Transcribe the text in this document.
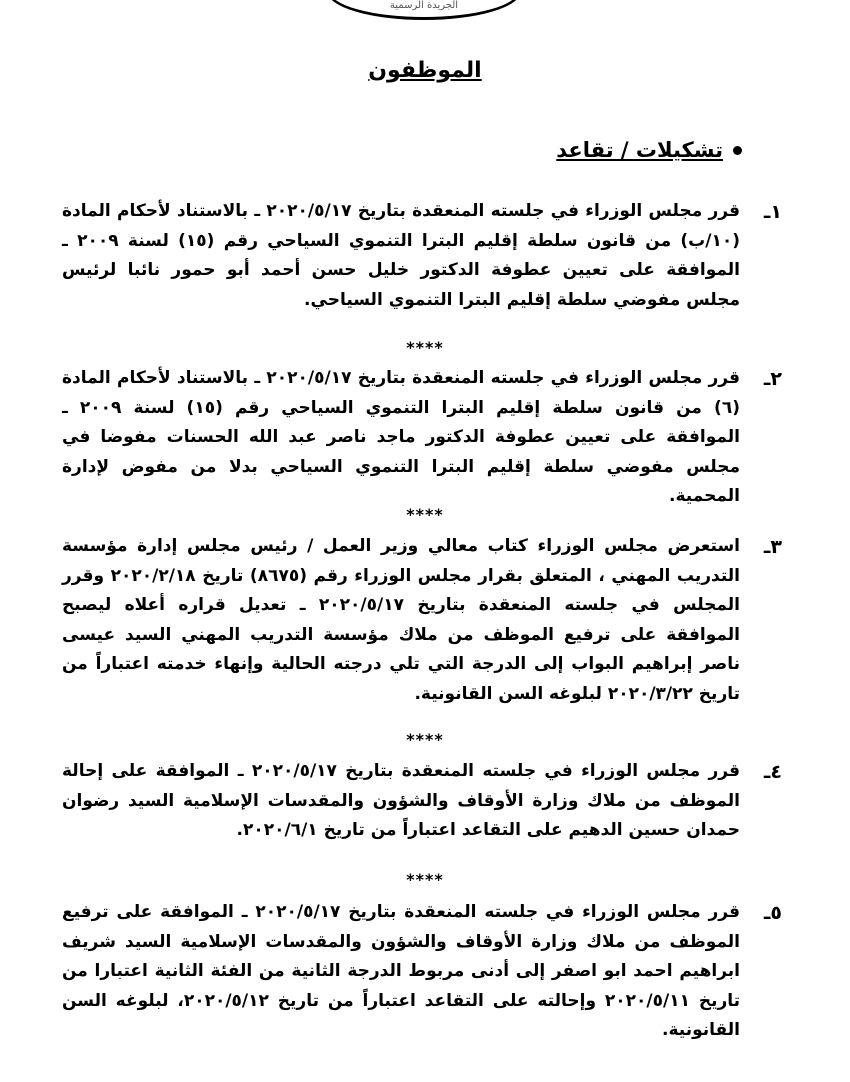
الجريدة الرسمية
الموظفون
تشكيلات / تقاعد
١ـ
قرر مجلس الوزراء في جلسته المنعقدة بتاريخ ٢٠٢٠/٥/١٧ ـ بالاستناد لأحكام المادة (١٠/ب) من قانون سلطة إقليم البترا التنموي السياحي رقم (١٥) لسنة ٢٠٠٩ ـ الموافقة على تعيين عطوفة الدكتور خليل حسن أحمد أبو حمور نائبا لرئيس مجلس مفوضي سلطة إقليم البترا التنموي السياحي.
****
٢ـ
قرر مجلس الوزراء في جلسته المنعقدة بتاريخ ٢٠٢٠/٥/١٧ ـ بالاستناد لأحكام المادة (٦) من قانون سلطة إقليم البترا التنموي السياحي رقم (١٥) لسنة ٢٠٠٩ ـ الموافقة على تعيين عطوفة الدكتور ماجد ناصر عبد الله الحسنات مفوضا في مجلس مفوضي سلطة إقليم البترا التنموي السياحي بدلا من مفوض لإدارة المحمية.
****
٣ـ
استعرض مجلس الوزراء كتاب معالي وزير العمل / رئيس مجلس إدارة مؤسسة التدريب المهني ، المتعلق بقرار مجلس الوزراء رقم (٨٦٧٥) تاريخ ٢٠٢٠/٢/١٨ وقرر المجلس في جلسته المنعقدة بتاريخ ٢٠٢٠/٥/١٧ ـ تعديل قراره أعلاه ليصبح الموافقة على ترفيع الموظف من ملاك مؤسسة التدريب المهني السيد عيسى ناصر إبراهيم البواب إلى الدرجة التي تلي درجته الحالية وإنهاء خدمته اعتباراً من تاريخ ٢٠٢٠/٣/٢٢ لبلوغه السن القانونية.
****
٤ـ
قرر مجلس الوزراء في جلسته المنعقدة بتاريخ ٢٠٢٠/٥/١٧ ـ الموافقة على إحالة الموظف من ملاك وزارة الأوقاف والشؤون والمقدسات الإسلامية السيد رضوان حمدان حسين الدهيم على التقاعد اعتباراً من تاريخ ٢٠٢٠/٦/١.
****
٥ـ
قرر مجلس الوزراء في جلسته المنعقدة بتاريخ ٢٠٢٠/٥/١٧ ـ الموافقة على ترفيع الموظف من ملاك وزارة الأوقاف والشؤون والمقدسات الإسلامية السيد شريف ابراهيم احمد ابو اصفر إلى أدنى مربوط الدرجة الثانية من الفئة الثانية اعتبارا من تاريخ ٢٠٢٠/٥/١١ وإحالته على التقاعد اعتباراً من تاريخ ٢٠٢٠/٥/١٢، لبلوغه السن القانونية.
